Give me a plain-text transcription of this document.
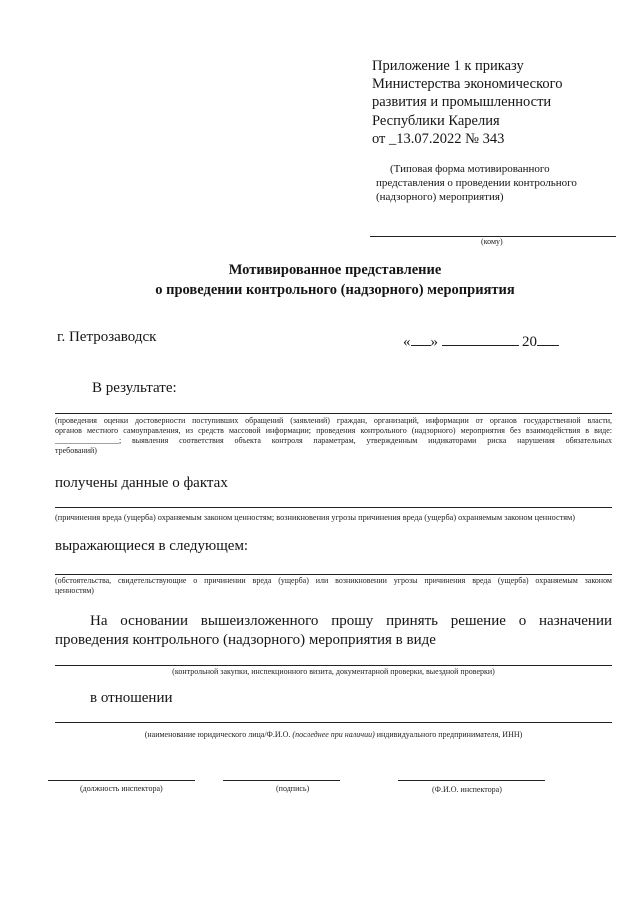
Приложение 1 к приказу
Министерства экономического
развития и промышленности
Республики Карелия
от _13.07.2022 № 343
(Типовая форма мотивированного
представления о проведении контрольного
(надзорного) мероприятия)
(кому)
Мотивированное представление
о проведении контрольного (надзорного) мероприятия
г. Петрозаводск	« »	20
В результате:
(проведения оценки достоверности поступивших обращений (заявлений) граждан, организаций, информации от органов государственной власти,
органов местного самоуправления, из средств массовой информации; проведения контрольного (надзорного) мероприятия без взаимодействия в виде:
________________; выявления соответствия объекта контроля параметрам, утвержденным индикаторами риска нарушения обязательных
требований)
получены данные о фактах
(причинения вреда (ущерба) охраняемым законом ценностям; возникновения угрозы причинения вреда (ущерба) охраняемым законом ценностям)
выражающиеся в следующем:
(обстоятельства, свидетельствующие о причинении вреда (ущерба) или возникновении угрозы причинения вреда (ущерба) охраняемым законом
ценностям)
На основании вышеизложенного прошу принять решение о назначении
проведения контрольного (надзорного) мероприятия в виде
(контрольной закупки, инспекционного визита, документарной проверки, выездной проверки)
в отношении
(наименование юридического лица/Ф.И.О. (последнее при наличии) индивидуального предпринимателя, ИНН)
(должность инспектора)	(подпись)	(Ф.И.О. инспектора)
